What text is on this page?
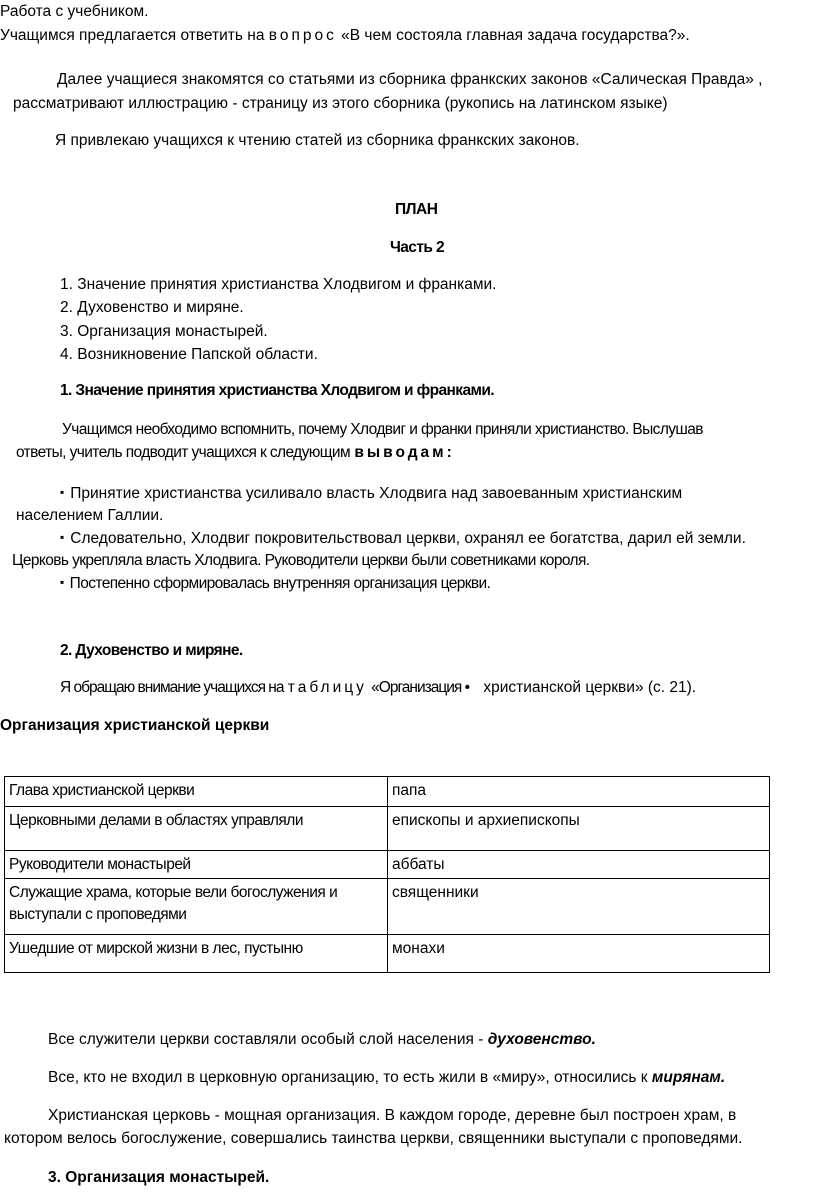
Работа с учебником.
Учащимся предлагается ответить на вопрос «В чем состояла главная задача государства?».
Далее учащиеся знакомятся со статьями из сборника франкских законов «Салическая Правда» ,
рассматривают иллюстрацию - страницу из этого сборника (рукопись на латинском языке)
Я привлекаю учащихся к чтению статей из сборника франкских законов.
ПЛАН
Часть 2
1. Значение принятия христианства Хлодвигом и франками.
2. Духовенство и миряне.
3. Организация монастырей.
4. Возникновение Папской области.
1. Значение принятия христианства Хлодвигом и франками.
Учащимся необходимо вспомнить, почему Хлодвиг и франки приняли христианство. Выслушав
ответы, учитель подводит учащихся к следующим выводам:
▪ Принятие христианства усиливало власть Хлодвига над завоеванным христианским
населением Галлии.
▪ Следовательно, Хлодвиг покровительствовал церкви, охранял ее богатства, дарил ей земли.
Церковь укрепляла власть Хлодвига. Руководители церкви были советниками короля.
▪ Постепенно сформировалась внутренняя организация церкви.
2. Духовенство и миряне.
Я обращаю внимание учащихся на таблицу «Организация • христианской церкви» (с. 21).
Организация христианской церкви
Глава христианской церкви	папа
Церковными делами в областях управляли	епископы и архиепископы
Руководители монастырей	аббаты

Служащие храма, которые вели богослужения и выступали с проповедями	священники
Ушедшие от мирской жизни в лес, пустыню	монахи
Все служители церкви составляли особый слой населения - духовенство.
Все, кто не входил в церковную организацию, то есть жили в «миру», относились к мирянам.
Христианская церковь - мощная организация. В каждом городе, деревне был построен храм, в
котором велось богослужение, совершались таинства церкви, священники выступали с проповедями.
3. Организация монастырей.
